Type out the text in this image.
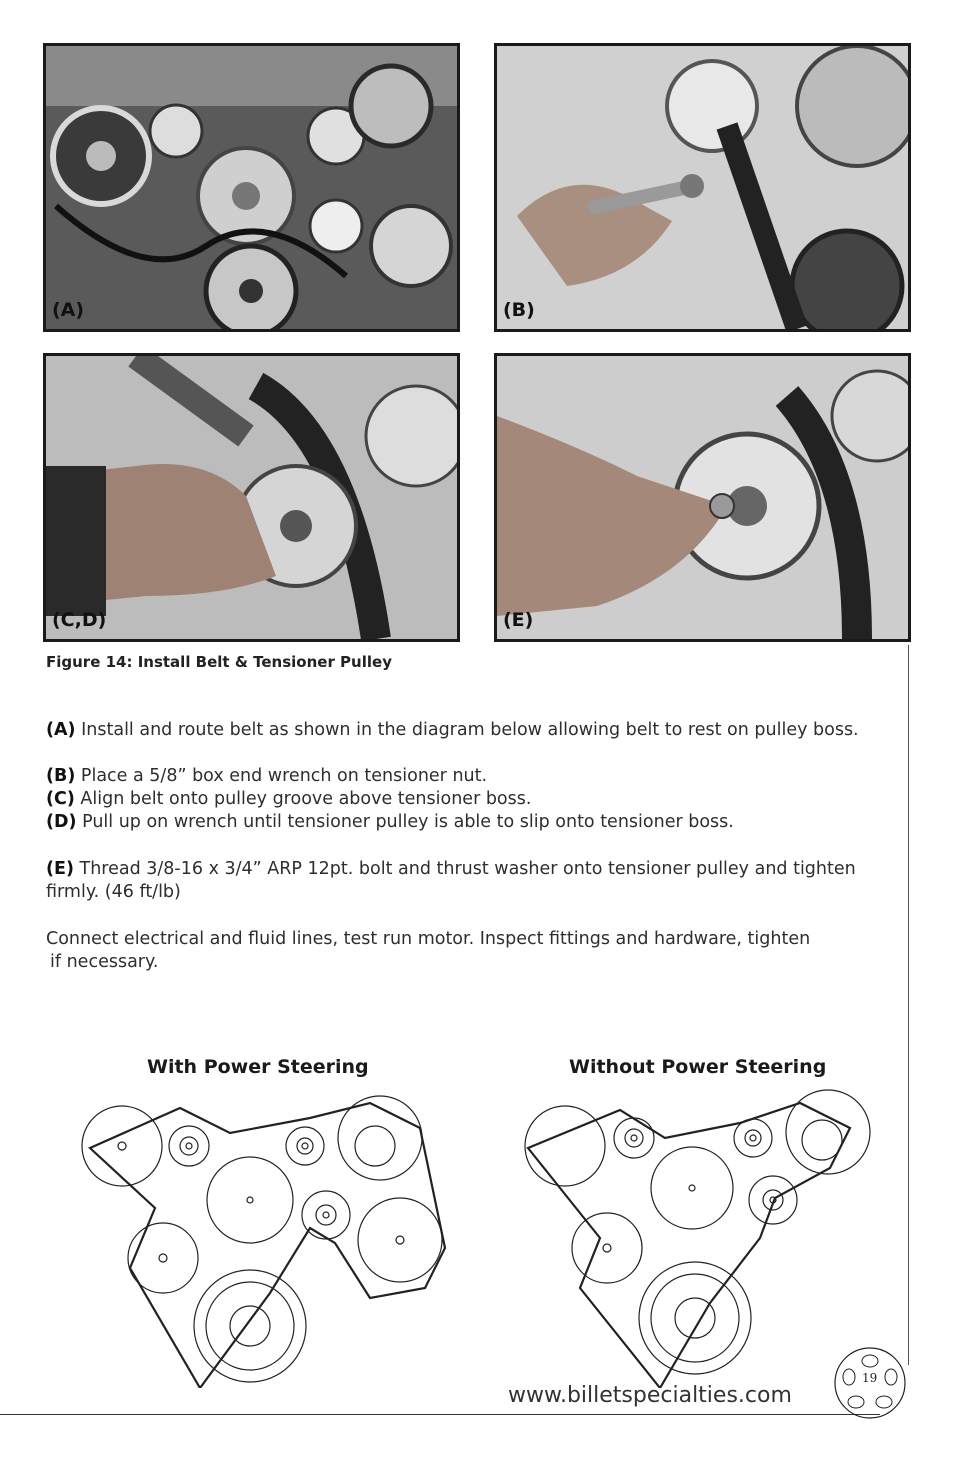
(A)	(B)
(C,D)	(E)
Figure 14: Install Belt & Tensioner Pulley
(A) Install and route belt as shown in the diagram below allowing belt to rest on pulley boss.
(B) Place a 5/8” box end wrench on tensioner nut.
(C) Align belt onto pulley groove above tensioner boss.
(D) Pull up on wrench until tensioner pulley is able to slip onto tensioner boss.
(E) Thread 3/8-16 x 3/4” ARP 12pt. bolt and thrust washer onto tensioner pulley and tighten
firmly. (46 ft/lb)
Connect electrical and fluid lines, test run motor. Inspect fittings and hardware, tighten
if necessary.
With Power Steering	Without Power Steering
www.billetspecialties.com
19
